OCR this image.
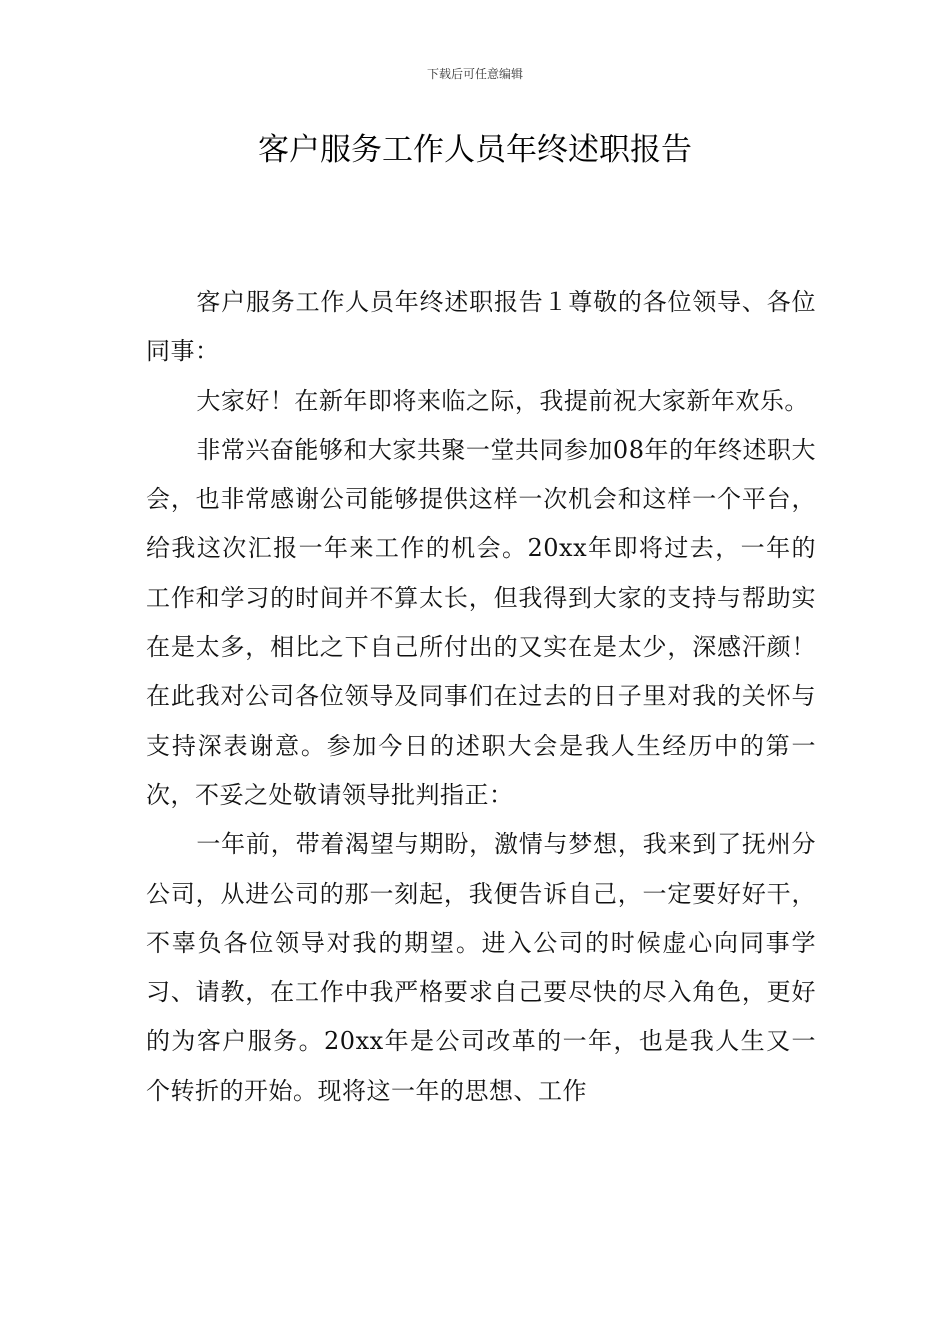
下载后可任意编辑
客户服务工作人员年终述职报告

客户服务工作人员年终述职报告１尊敬的各位领导、各位同事：

大家好！在新年即将来临之际，我提前祝大家新年欢乐。

非常兴奋能够和大家共聚一堂共同参加08年的年终述职大会，也非常感谢公司能够提供这样一次机会和这样一个平台，给我这次汇报一年来工作的机会。20xx年即将过去，一年的工作和学习的时间并不算太长，但我得到大家的支持与帮助实在是太多，相比之下自己所付出的又实在是太少，深感汗颜！在此我对公司各位领导及同事们在过去的日子里对我的关怀与支持深表谢意。参加今日的述职大会是我人生经历中的第一次，不妥之处敬请领导批判指正：

一年前，带着渴望与期盼，激情与梦想，我来到了抚州分公司，从进公司的那一刻起，我便告诉自己，一定要好好干，不辜负各位领导对我的期望。进入公司的时候虚心向同事学习、请教，在工作中我严格要求自己要尽快的尽入角色，更好的为客户服务。20xx年是公司改革的一年，也是我人生又一个转折的开始。现将这一年的思想、工作
